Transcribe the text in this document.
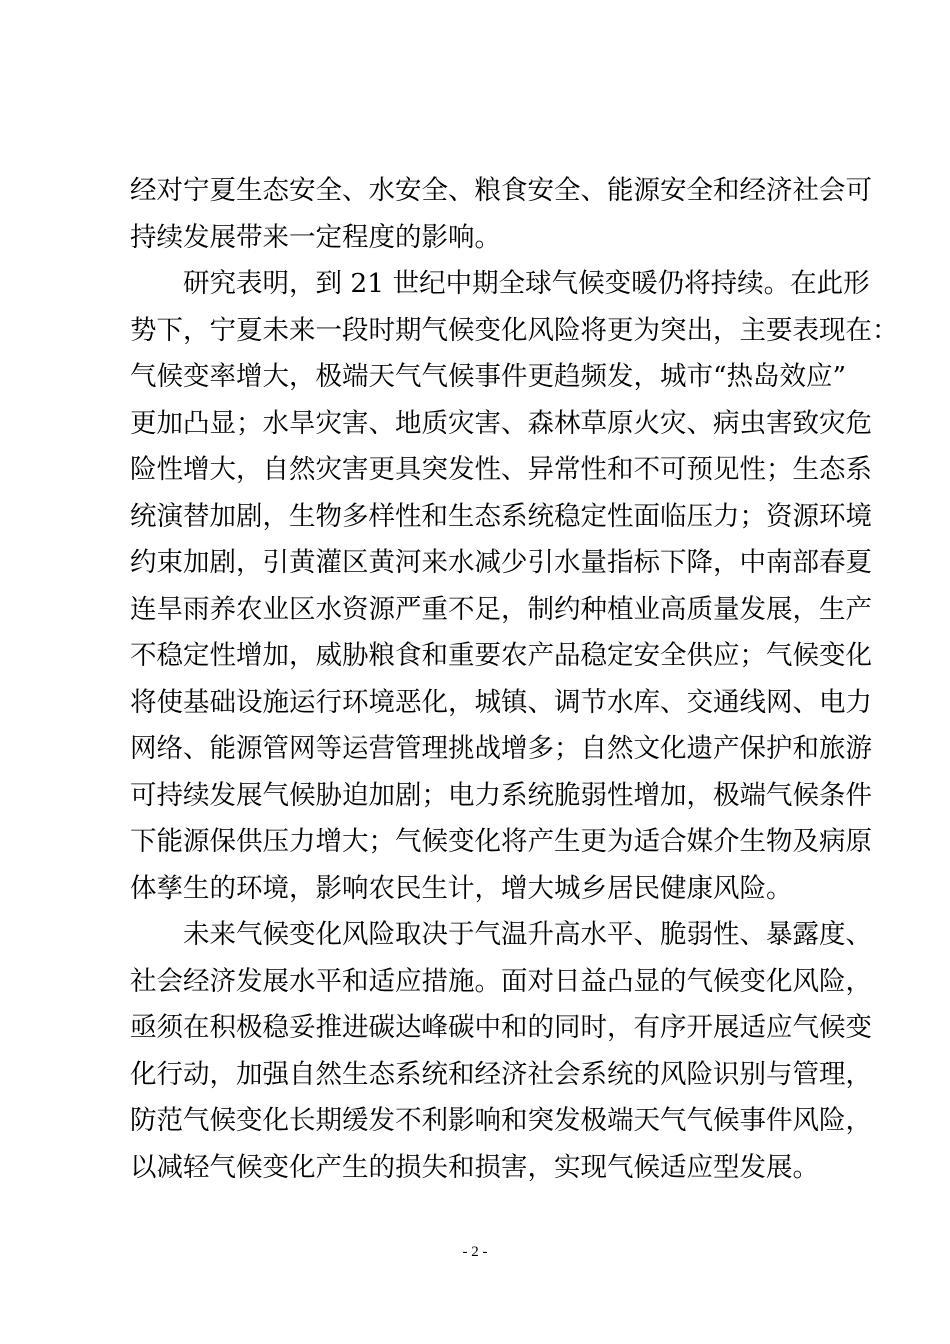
经对宁夏生态安全、水安全、粮食安全、能源安全和经济社会可
持续发展带来一定程度的影响。
　　研究表明，到 21 世纪中期全球气候变暖仍将持续。在此形
势下，宁夏未来一段时期气候变化风险将更为突出，主要表现在：
气候变率增大，极端天气气候事件更趋频发，城市“热岛效应”
更加凸显；水旱灾害、地质灾害、森林草原火灾、病虫害致灾危
险性增大，自然灾害更具突发性、异常性和不可预见性；生态系
统演替加剧，生物多样性和生态系统稳定性面临压力；资源环境
约束加剧，引黄灌区黄河来水减少引水量指标下降，中南部春夏
连旱雨养农业区水资源严重不足，制约种植业高质量发展，生产
不稳定性增加，威胁粮食和重要农产品稳定安全供应；气候变化
将使基础设施运行环境恶化，城镇、调节水库、交通线网、电力
网络、能源管网等运营管理挑战增多；自然文化遗产保护和旅游
可持续发展气候胁迫加剧；电力系统脆弱性增加，极端气候条件
下能源保供压力增大；气候变化将产生更为适合媒介生物及病原
体孳生的环境，影响农民生计，增大城乡居民健康风险。
　　未来气候变化风险取决于气温升高水平、脆弱性、暴露度、
社会经济发展水平和适应措施。面对日益凸显的气候变化风险，
亟须在积极稳妥推进碳达峰碳中和的同时，有序开展适应气候变
化行动，加强自然生态系统和经济社会系统的风险识别与管理，
防范气候变化长期缓发不利影响和突发极端天气气候事件风险，
以减轻气候变化产生的损失和损害，实现气候适应型发展。
- 2 -
